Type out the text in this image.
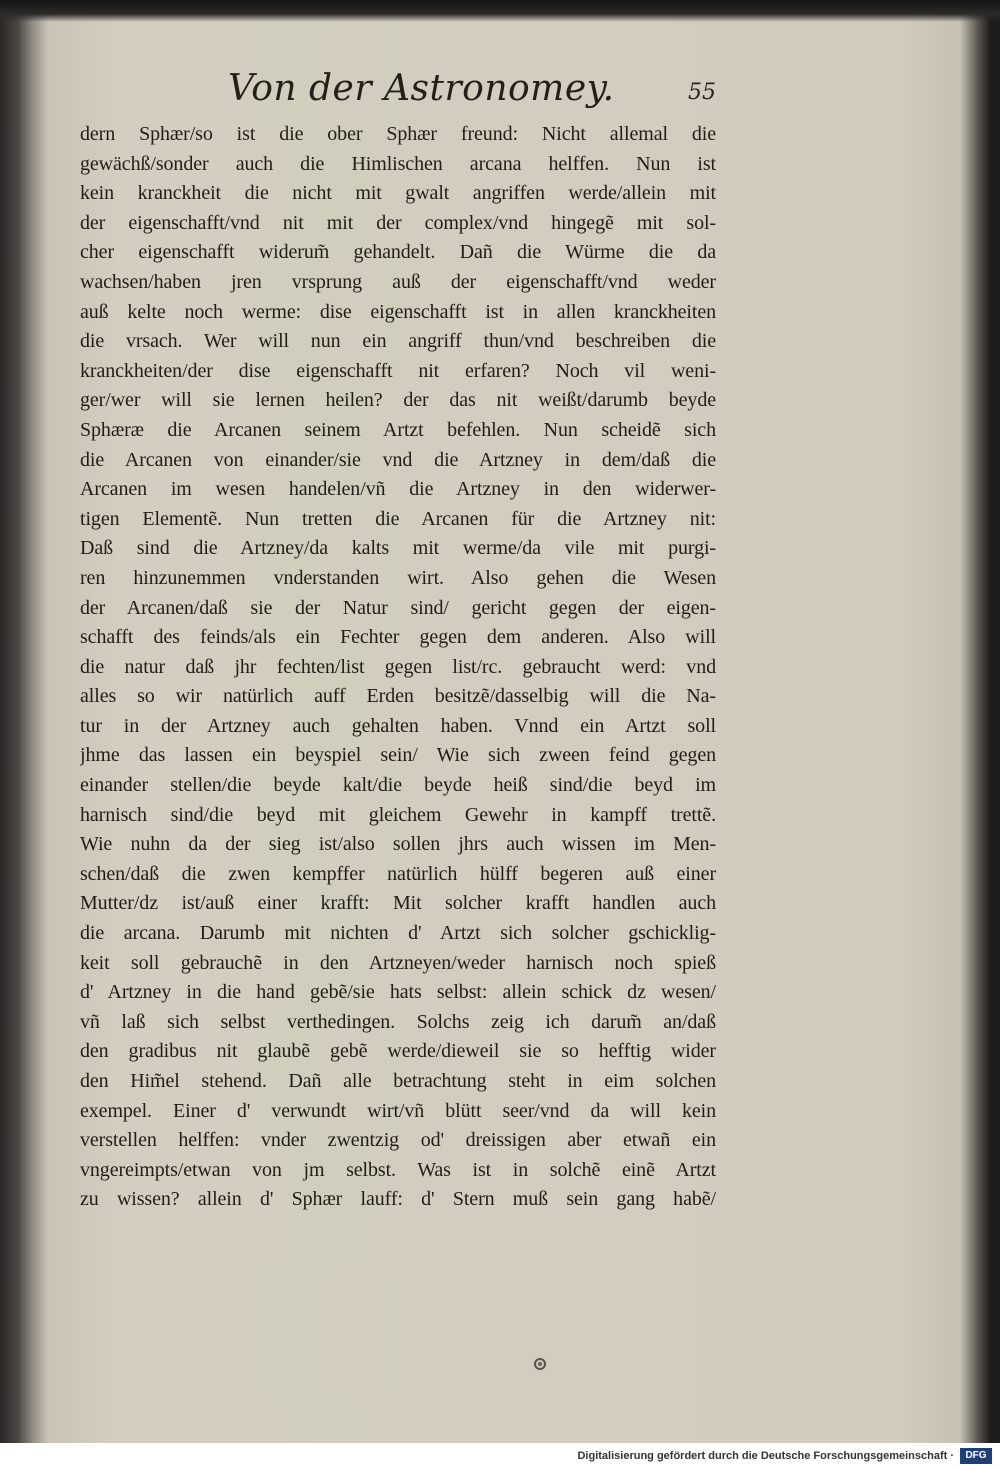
Von der Astronomey.	55
dern Sphær/so ist die ober Sphær freund: Nicht allemal die
gewächß/sonder auch die Himlischen arcana helffen. Nun ist
kein kranckheit die nicht mit gwalt angriffen werde/allein mit
der eigenschafft/vnd nit mit der complex/vnd hingegẽ mit sol-
cher eigenschafft widerum̃ gehandelt. Dañ die Würme die da
wachsen/haben jren vrsprung auß der eigenschafft/vnd weder
auß kelte noch werme: dise eigenschafft ist in allen kranckheiten
die vrsach. Wer will nun ein angriff thun/vnd beschreiben die
kranckheiten/der dise eigenschafft nit erfaren? Noch vil weni-
ger/wer will sie lernen heilen? der das nit weißt/darumb beyde
Sphæræ die Arcanen seinem Artzt befehlen. Nun scheidẽ sich
die Arcanen von einander/sie vnd die Artzney in dem/daß die
Arcanen im wesen handelen/vñ die Artzney in den widerwer-
tigen Elementẽ. Nun tretten die Arcanen für die Artzney nit:
Daß sind die Artzney/da kalts mit werme/da vile mit purgi-
ren hinzunemmen vnderstanden wirt. Also gehen die Wesen
der Arcanen/daß sie der Natur sind/ gericht gegen der eigen-
schafft des feinds/als ein Fechter gegen dem anderen. Also will
die natur daß jhr fechten/list gegen list/rc. gebraucht werd: vnd
alles so wir natürlich auff Erden besitzẽ/dasselbig will die Na-
tur in der Artzney auch gehalten haben. Vnnd ein Artzt soll
jhme das lassen ein beyspiel sein/ Wie sich zween feind gegen
einander stellen/die beyde kalt/die beyde heiß sind/die beyd im
harnisch sind/die beyd mit gleichem Gewehr in kampff trettẽ.
Wie nuhn da der sieg ist/also sollen jhrs auch wissen im Men-
schen/daß die zwen kempffer natürlich hülff begeren auß einer
Mutter/dz ist/auß einer krafft: Mit solcher krafft handlen auch
die arcana. Darumb mit nichten d' Artzt sich solcher gschicklig-
keit soll gebrauchẽ in den Artzneyen/weder harnisch noch spieß
d' Artzney in die hand gebẽ/sie hats selbst: allein schick dz wesen/
vñ laß sich selbst verthedingen. Solchs zeig ich darum̃ an/daß
den gradibus nit glaubẽ gebẽ werde/dieweil sie so hefftig wider
den Him̃el stehend. Dañ alle betrachtung steht in eim solchen
exempel. Einer d' verwundt wirt/vñ blütt seer/vnd da will kein
verstellen helffen: vnder zwentzig od' dreissigen aber etwañ ein
vngereimpts/etwan von jm selbst. Was ist in solchẽ einẽ Artzt
zu wissen? allein d' Sphær lauff: d' Stern muß sein gang habẽ/
Digitalisierung gefördert durch die Deutsche Forschungsgemeinschaft ·	DFG
